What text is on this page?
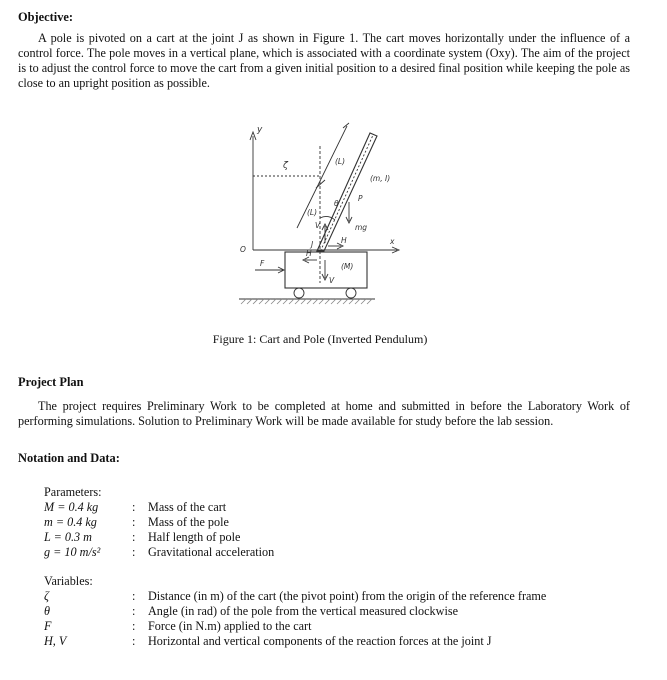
Objective:
A pole is pivoted on a cart at the joint J as shown in Figure 1. The cart moves horizontally under the influence of a control force. The pole moves in a vertical plane, which is associated with a coordinate system (Oxy). The aim of the project is to adjust the control force to move the cart from a given initial position to a desired final position while keeping the pole as close to an upright position as possible.
y
ζ	(L)
(L)
(m, I)
θ
P
mg
V
J	H
O
x
F
H
(M)
V
Figure 1: Cart and Pole (Inverted Pendulum)
Project Plan
The project requires Preliminary Work to be completed at home and submitted in before the Laboratory Work of performing simulations. Solution to Preliminary Work will be made available for study before the lab session.
Notation and Data:
Parameters:
M = 0.4 kg	: Mass of the cart
m = 0.4 kg	: Mass of the pole
L = 0.3 m	: Half length of pole
g = 10 m/s²	: Gravitational acceleration
Variables:
ζ	: Distance (in m) of the cart (the pivot point) from the origin of the reference frame
θ	: Angle (in rad) of the pole from the vertical measured clockwise
F	: Force (in N.m) applied to the cart
H, V	: Horizontal and vertical components of the reaction forces at the joint J
